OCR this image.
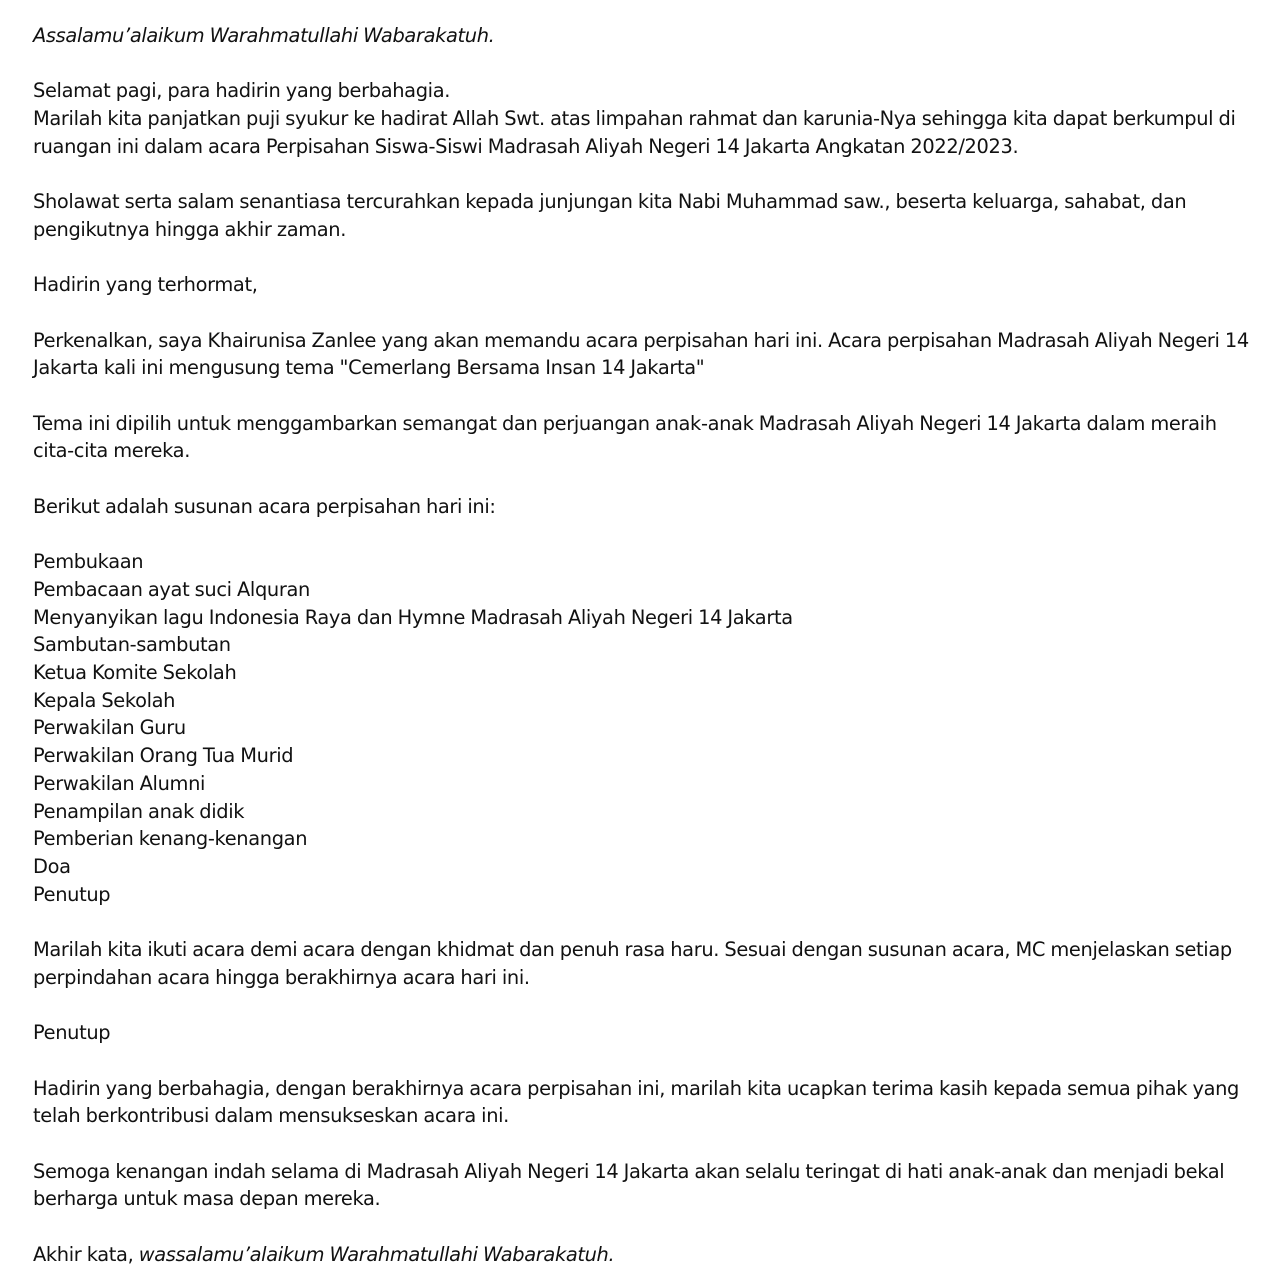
Assalamu’alaikum Warahmatullahi Wabarakatuh.

Selamat pagi, para hadirin yang berbahagia.

Marilah kita panjatkan puji syukur ke hadirat Allah Swt. atas limpahan rahmat dan karunia-Nya sehingga kita dapat berkumpul di ruangan ini dalam acara Perpisahan Siswa-Siswi Madrasah Aliyah Negeri 14 Jakarta Angkatan 2022/2023.

Sholawat serta salam senantiasa tercurahkan kepada junjungan kita Nabi Muhammad saw., beserta keluarga, sahabat, dan pengikutnya hingga akhir zaman.

Hadirin yang terhormat,

Perkenalkan, saya Khairunisa Zanlee yang akan memandu acara perpisahan hari ini. Acara perpisahan Madrasah Aliyah Negeri 14 Jakarta kali ini mengusung tema "Cemerlang Bersama Insan 14 Jakarta"

Tema ini dipilih untuk menggambarkan semangat dan perjuangan anak-anak Madrasah Aliyah Negeri 14 Jakarta dalam meraih cita-cita mereka.

Berikut adalah susunan acara perpisahan hari ini:

Pembukaan
Pembacaan ayat suci Alquran
Menyanyikan lagu Indonesia Raya dan Hymne Madrasah Aliyah Negeri 14 Jakarta
Sambutan-sambutan
Ketua Komite Sekolah
Kepala Sekolah
Perwakilan Guru
Perwakilan Orang Tua Murid
Perwakilan Alumni
Penampilan anak didik
Pemberian kenang-kenangan
Doa
Penutup

Marilah kita ikuti acara demi acara dengan khidmat dan penuh rasa haru. Sesuai dengan susunan acara, MC menjelaskan setiap perpindahan acara hingga berakhirnya acara hari ini.

Penutup

Hadirin yang berbahagia, dengan berakhirnya acara perpisahan ini, marilah kita ucapkan terima kasih kepada semua pihak yang telah berkontribusi dalam mensukseskan acara ini.

Semoga kenangan indah selama di Madrasah Aliyah Negeri 14 Jakarta akan selalu teringat di hati anak-anak dan menjadi bekal berharga untuk masa depan mereka.

Akhir kata, wassalamu’alaikum Warahmatullahi Wabarakatuh.
